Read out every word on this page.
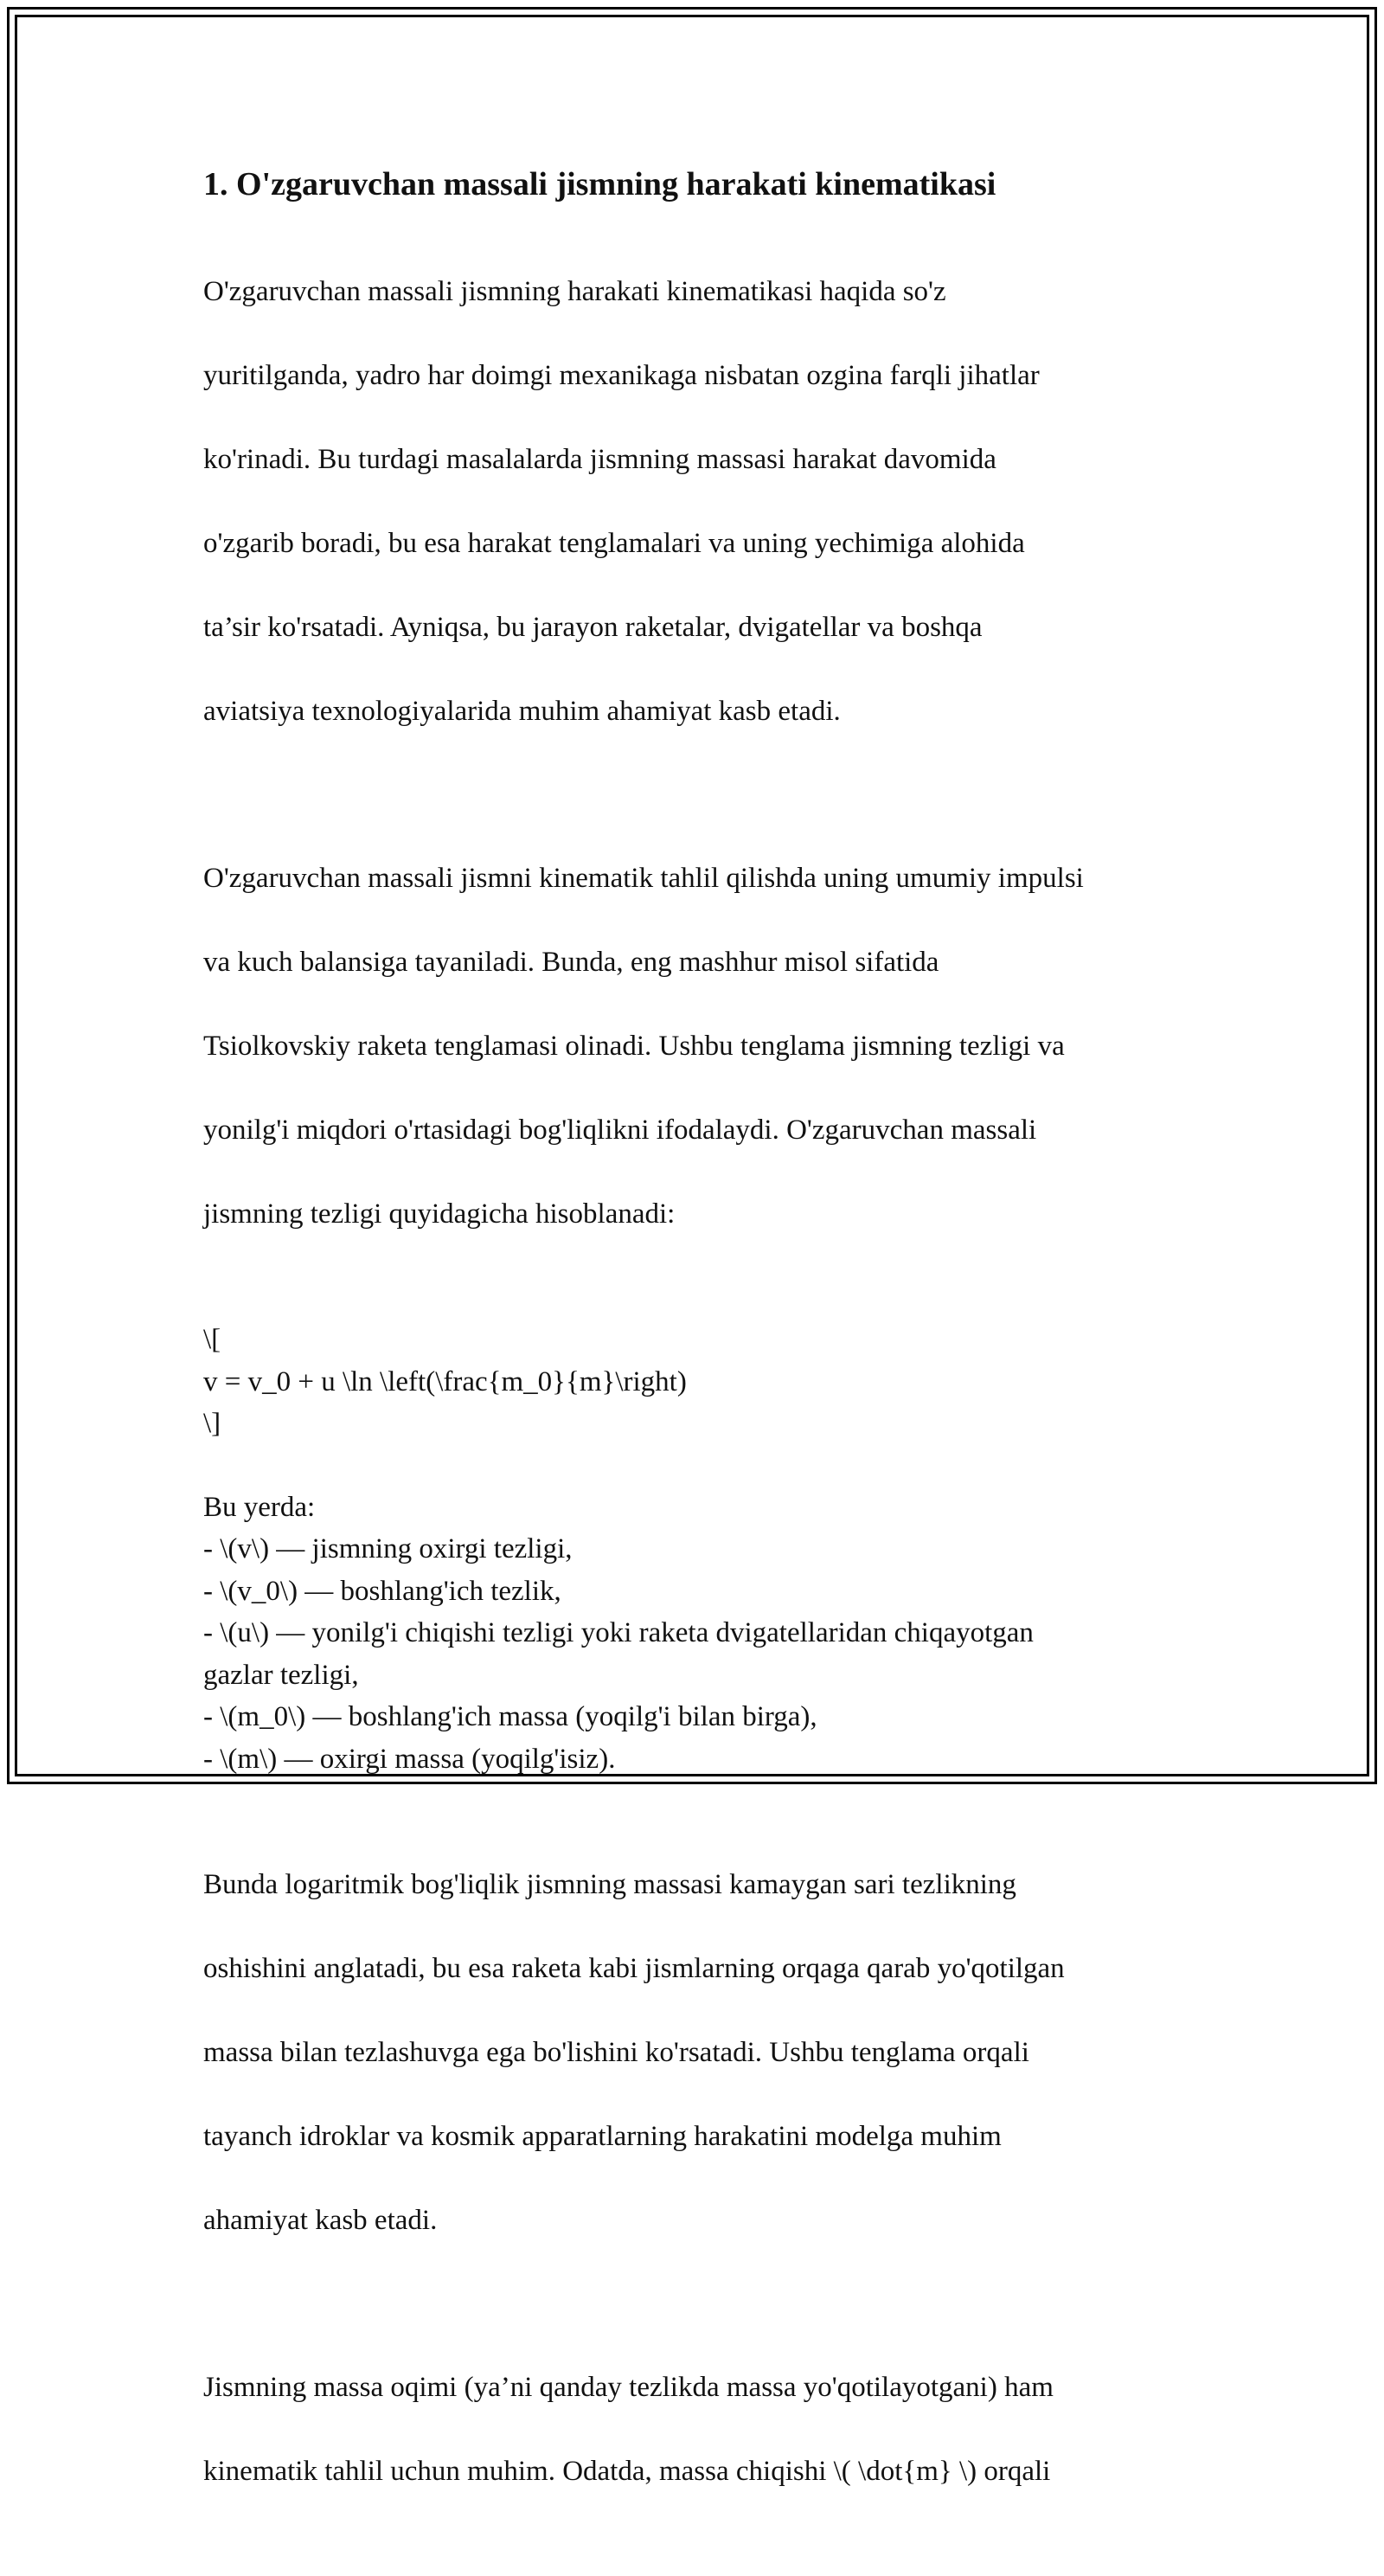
1. O'zgaruvchan massali jismning harakati kinematikasi

O'zgaruvchan massali jismning harakati kinematikasi haqida so'z

yuritilganda, yadro har doimgi mexanikaga nisbatan ozgina farqli jihatlar

ko'rinadi. Bu turdagi masalalarda jismning massasi harakat davomida

o'zgarib boradi, bu esa harakat tenglamalari va uning yechimiga alohida

ta’sir ko'rsatadi. Ayniqsa, bu jarayon raketalar, dvigatellar va boshqa

aviatsiya texnologiyalarida muhim ahamiyat kasb etadi.

O'zgaruvchan massali jismni kinematik tahlil qilishda uning umumiy impulsi

va kuch balansiga tayaniladi. Bunda, eng mashhur misol sifatida

Tsiolkovskiy raketa tenglamasi olinadi. Ushbu tenglama jismning tezligi va

yonilg'i miqdori o'rtasidagi bog'liqlikni ifodalaydi. O'zgaruvchan massali

jismning tezligi quyidagicha hisoblanadi:

\[
v = v_0 + u \ln \left(\frac{m_0}{m}\right)
\]
Bu yerda:
- \(v\) — jismning oxirgi tezligi,
- \(v_0\) — boshlang'ich tezlik,
- \(u\) — yonilg'i chiqishi tezligi yoki raketa dvigatellaridan chiqayotgan
gazlar tezligi,
- \(m_0\) — boshlang'ich massa (yoqilg'i bilan birga),
- \(m\) — oxirgi massa (yoqilg'isiz).

Bunda logaritmik bog'liqlik jismning massasi kamaygan sari tezlikning

oshishini anglatadi, bu esa raketa kabi jismlarning orqaga qarab yo'qotilgan

massa bilan tezlashuvga ega bo'lishini ko'rsatadi. Ushbu tenglama orqali

tayanch idroklar va kosmik apparatlarning harakatini modelga muhim

ahamiyat kasb etadi.

Jismning massa oqimi (ya’ni qanday tezlikda massa yo'qotilayotgani) ham

kinematik tahlil uchun muhim. Odatda, massa chiqishi \( \dot{m} \) orqali
